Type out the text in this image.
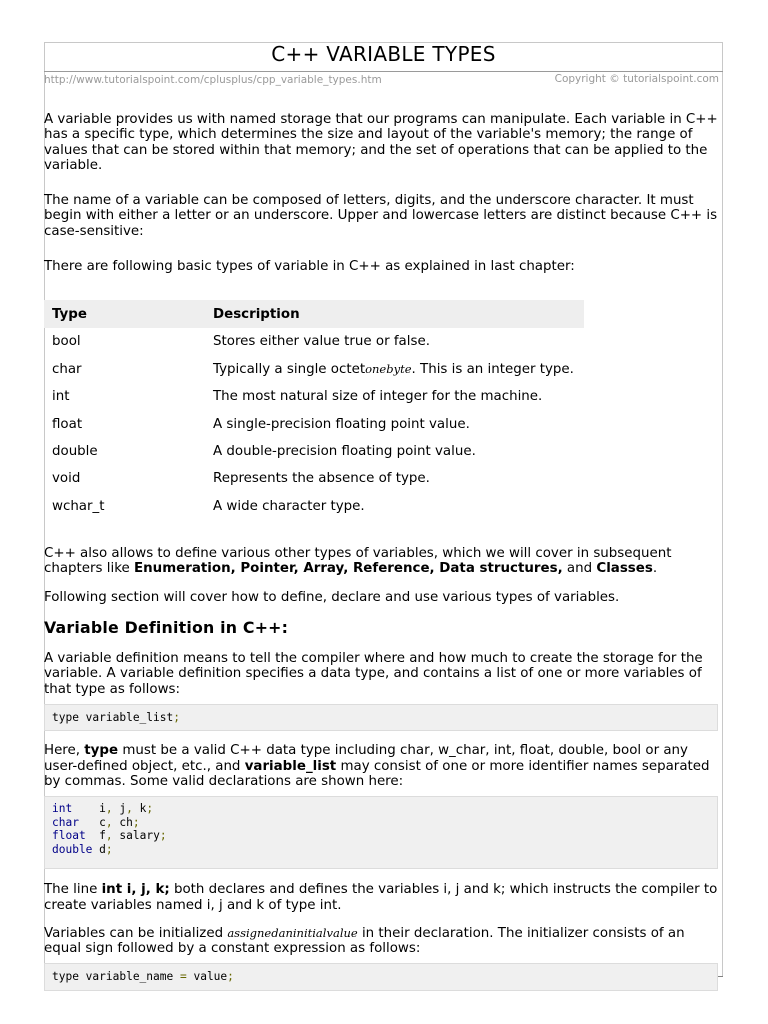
C++ VARIABLE TYPES
http://www.tutorialspoint.com/cplusplus/cpp_variable_types.htm	Copyright © tutorialspoint.com

A variable provides us with named storage that our programs can manipulate. Each variable in C++ has a specific type, which determines the size and layout of the variable's memory; the range of values that can be stored within that memory; and the set of operations that can be applied to the variable.

The name of a variable can be composed of letters, digits, and the underscore character. It must begin with either a letter or an underscore. Upper and lowercase letters are distinct because C++ is case-sensitive:

There are following basic types of variable in C++ as explained in last chapter:

Type	Description
bool	Stores either value true or false.
char	Typically a single octetonebyte. This is an integer type.
int	The most natural size of integer for the machine.
float	A single-precision floating point value.
double	A double-precision floating point value.
void	Represents the absence of type.
wchar_t	A wide character type.

C++ also allows to define various other types of variables, which we will cover in subsequent chapters like Enumeration, Pointer, Array, Reference, Data structures, and Classes.

Following section will cover how to define, declare and use various types of variables.

Variable Definition in C++:

A variable definition means to tell the compiler where and how much to create the storage for the variable. A variable definition specifies a data type, and contains a list of one or more variables of that type as follows:

type variable_list;

Here, type must be a valid C++ data type including char, w_char, int, float, double, bool or any user-defined object, etc., and variable_list may consist of one or more identifier names separated by commas. Some valid declarations are shown here:

int i, j, k;
char c, ch;
float f, salary;
double d;

The line int i, j, k; both declares and defines the variables i, j and k; which instructs the compiler to create variables named i, j and k of type int.

Variables can be initialized assignedaninitialvalue in their declaration. The initializer consists of an equal sign followed by a constant expression as follows:

type variable_name = value;
